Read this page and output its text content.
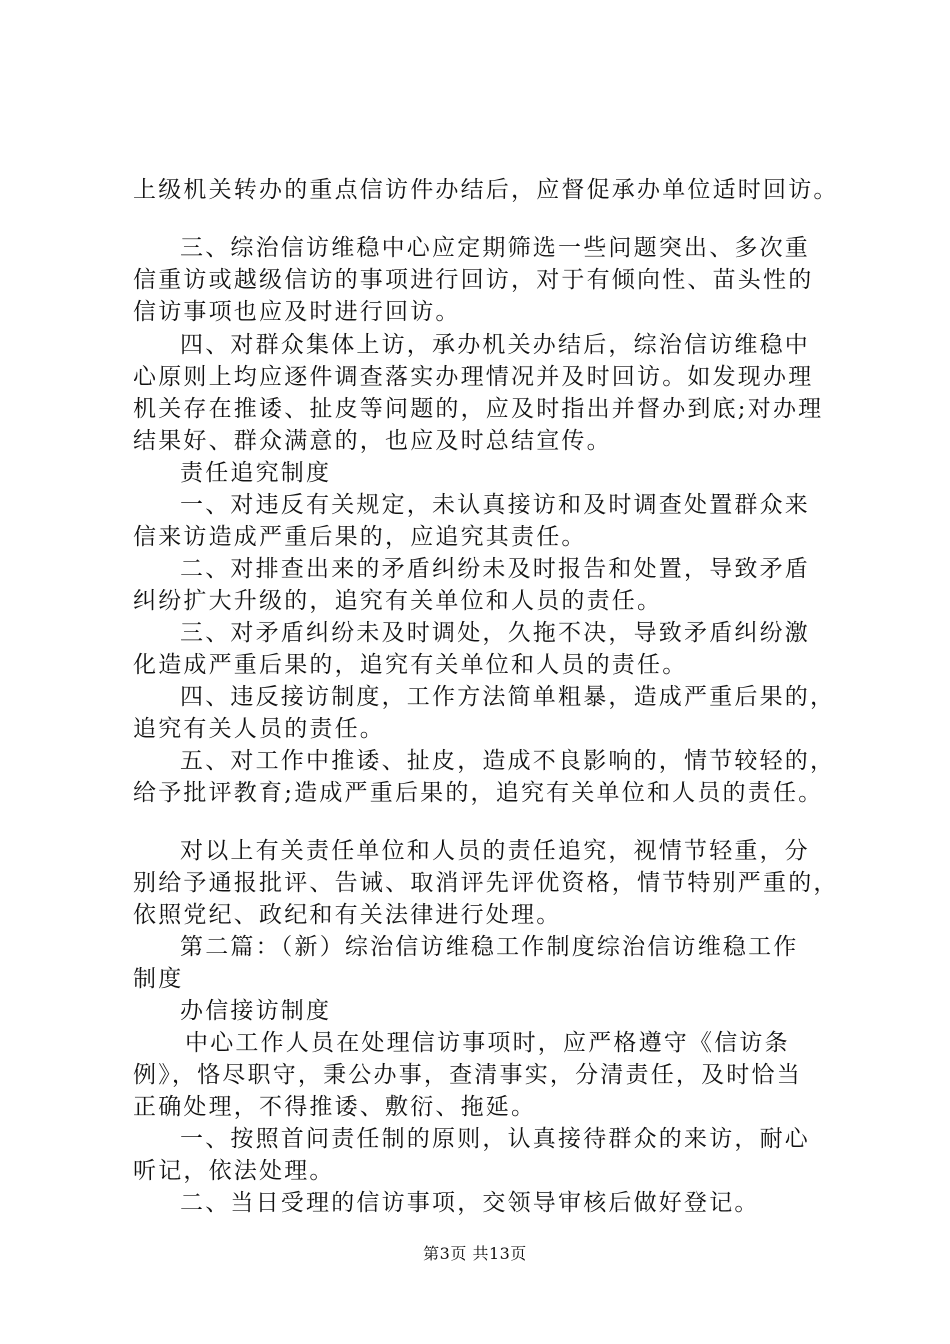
上级机关转办的重点信访件办结后，应督促承办单位适时回访。
三、综治信访维稳中心应定期筛选一些问题突出、多次重
信重访或越级信访的事项进行回访，对于有倾向性、苗头性的
信访事项也应及时进行回访。
四、对群众集体上访，承办机关办结后，综治信访维稳中
心原则上均应逐件调查落实办理情况并及时回访。如发现办理
机关存在推诿、扯皮等问题的，应及时指出并督办到底;对办理
结果好、群众满意的，也应及时总结宣传。
责任追究制度
一、对违反有关规定，未认真接访和及时调查处置群众来
信来访造成严重后果的，应追究其责任。
二、对排查出来的矛盾纠纷未及时报告和处置，导致矛盾
纠纷扩大升级的，追究有关单位和人员的责任。
三、对矛盾纠纷未及时调处，久拖不决，导致矛盾纠纷激
化造成严重后果的，追究有关单位和人员的责任。
四、违反接访制度，工作方法简单粗暴，造成严重后果的，
追究有关人员的责任。
五、对工作中推诿、扯皮，造成不良影响的，情节较轻的，
给予批评教育;造成严重后果的，追究有关单位和人员的责任。
对以上有关责任单位和人员的责任追究，视情节轻重，分
别给予通报批评、告诫、取消评先评优资格，情节特别严重的，
依照党纪、政纪和有关法律进行处理。
第二篇：（新）综治信访维稳工作制度综治信访维稳工作
制度
办信接访制度
中心工作人员在处理信访事项时，应严格遵守《信访条
例》，恪尽职守，秉公办事，查清事实，分清责任，及时恰当
正确处理，不得推诿、敷衍、拖延。
一、按照首问责任制的原则，认真接待群众的来访，耐心
听记，依法处理。
二、当日受理的信访事项，交领导审核后做好登记。
第3页 共13页
